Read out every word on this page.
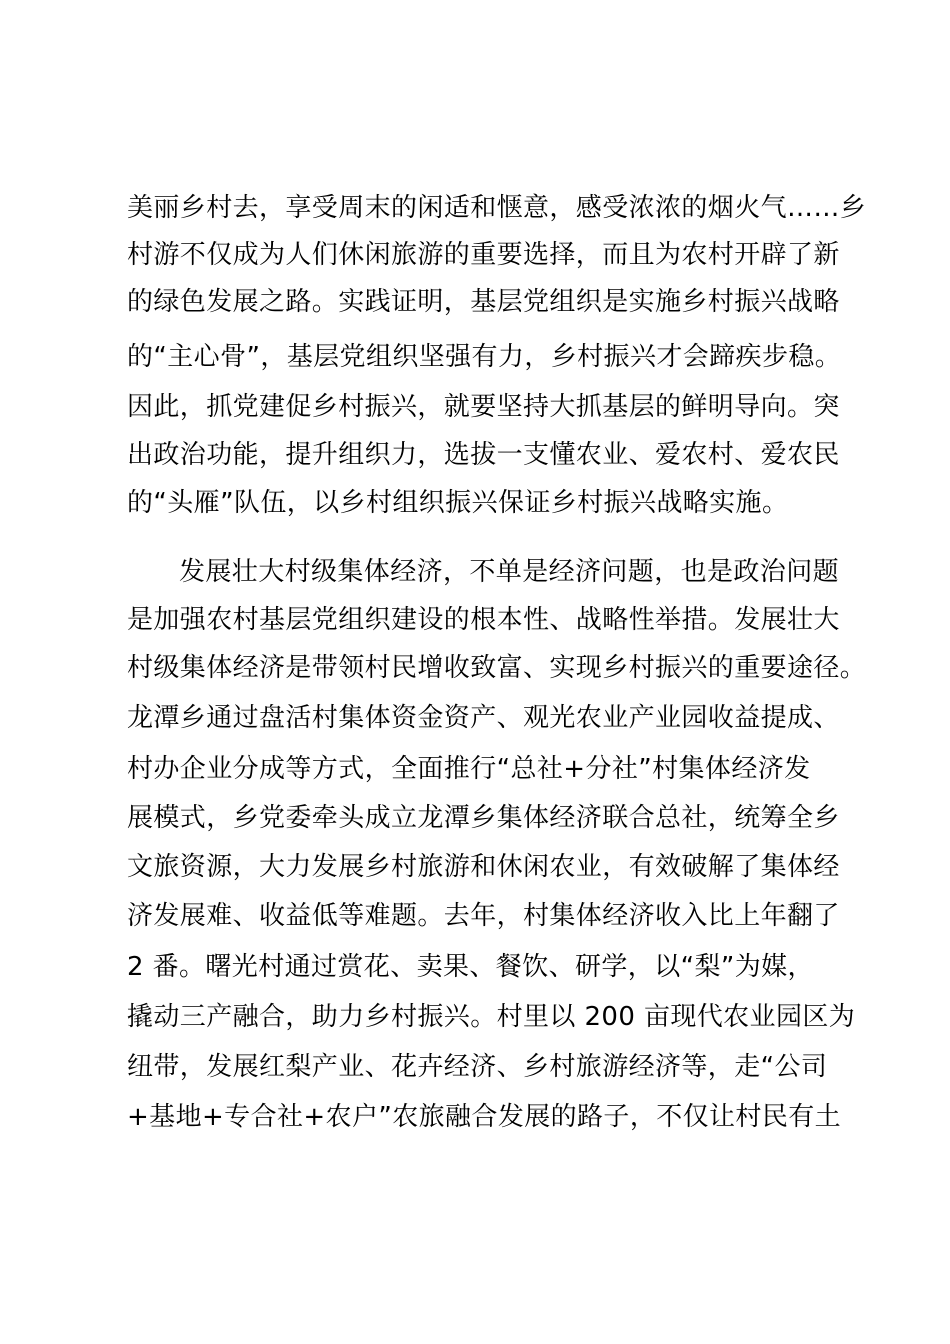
美丽乡村去，享受周末的闲适和惬意，感受浓浓的烟火气……乡
村游不仅成为人们休闲旅游的重要选择，而且为农村开辟了新
的绿色发展之路。实践证明，基层党组织是实施乡村振兴战略
的“主心骨”，基层党组织坚强有力，乡村振兴才会蹄疾步稳。
因此，抓党建促乡村振兴，就要坚持大抓基层的鲜明导向。突
出政治功能，提升组织力，选拔一支懂农业、爱农村、爱农民
的“头雁”队伍，以乡村组织振兴保证乡村振兴战略实施。
发展壮大村级集体经济，不单是经济问题，也是政治问题
是加强农村基层党组织建设的根本性、战略性举措。发展壮大
村级集体经济是带领村民增收致富、实现乡村振兴的重要途径。
龙潭乡通过盘活村集体资金资产、观光农业产业园收益提成、
村办企业分成等方式，全面推行“总社+分社”村集体经济发
展模式，乡党委牵头成立龙潭乡集体经济联合总社，统筹全乡
文旅资源，大力发展乡村旅游和休闲农业，有效破解了集体经
济发展难、收益低等难题。去年，村集体经济收入比上年翻了
2 番。曙光村通过赏花、卖果、餐饮、研学，以“梨”为媒，
撬动三产融合，助力乡村振兴。村里以 200 亩现代农业园区为
纽带，发展红梨产业、花卉经济、乡村旅游经济等，走“公司
+基地+专合社+农户”农旅融合发展的路子，不仅让村民有土
